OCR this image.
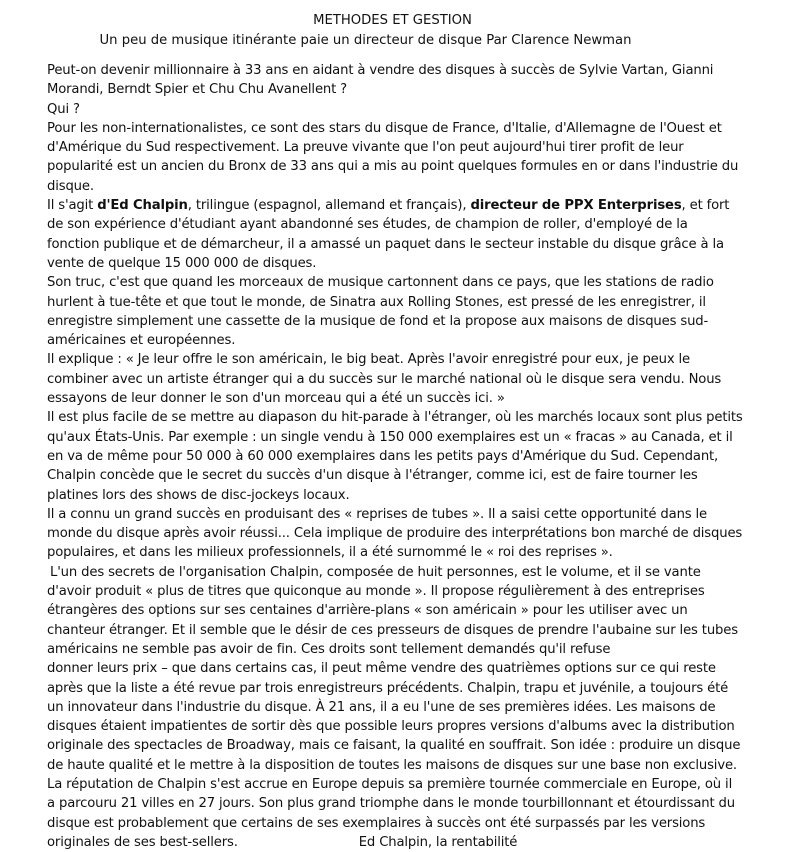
METHODES ET GESTION
Un peu de musique itinérante paie un directeur de disque Par Clarence Newman

Peut-on devenir millionnaire à 33 ans en aidant à vendre des disques à succès de Sylvie Vartan, Gianni Morandi, Berndt Spier et Chu Chu Avanellent ?

Qui ?

Pour les non-internationalistes, ce sont des stars du disque de France, d'Italie, d'Allemagne de l'Ouest et d'Amérique du Sud respectivement. La preuve vivante que l'on peut aujourd'hui tirer profit de leur popularité est un ancien du Bronx de 33 ans qui a mis au point quelques formules en or dans l'industrie du disque.

Il s'agit d'Ed Chalpin, trilingue (espagnol, allemand et français), directeur de PPX Enterprises, et fort de son expérience d'étudiant ayant abandonné ses études, de champion de roller, d'employé de la fonction publique et de démarcheur, il a amassé un paquet dans le secteur instable du disque grâce à la vente de quelque 15 000 000 de disques.

Son truc, c'est que quand les morceaux de musique cartonnent dans ce pays, que les stations de radio hurlent à tue-tête et que tout le monde, de Sinatra aux Rolling Stones, est pressé de les enregistrer, il enregistre simplement une cassette de la musique de fond et la propose aux maisons de disques sud-américaines et européennes.

Il explique : « Je leur offre le son américain, le big beat. Après l'avoir enregistré pour eux, je peux le combiner avec un artiste étranger qui a du succès sur le marché national où le disque sera vendu. Nous essayons de leur donner le son d'un morceau qui a été un succès ici. »

Il est plus facile de se mettre au diapason du hit-parade à l'étranger, où les marchés locaux sont plus petits qu'aux États-Unis. Par exemple : un single vendu à 150 000 exemplaires est un « fracas » au Canada, et il en va de même pour 50 000 à 60 000 exemplaires dans les petits pays d'Amérique du Sud. Cependant, Chalpin concède que le secret du succès d'un disque à l'étranger, comme ici, est de faire tourner les platines lors des shows de disc-jockeys locaux.

Il a connu un grand succès en produisant des « reprises de tubes ». Il a saisi cette opportunité dans le monde du disque après avoir réussi... Cela implique de produire des interprétations bon marché de disques populaires, et dans les milieux professionnels, il a été surnommé le « roi des reprises ».

L'un des secrets de l'organisation Chalpin, composée de huit personnes, est le volume, et il se vante d'avoir produit « plus de titres que quiconque au monde ». Il propose régulièrement à des entreprises étrangères des options sur ses centaines d'arrière-plans « son américain » pour les utiliser avec un chanteur étranger. Et il semble que le désir de ces presseurs de disques de prendre l'aubaine sur les tubes américains ne semble pas avoir de fin. Ces droits sont tellement demandés qu'il refuse

donner leurs prix – que dans certains cas, il peut même vendre des quatrièmes options sur ce qui reste après que la liste a été revue par trois enregistreurs précédents. Chalpin, trapu et juvénile, a toujours été un innovateur dans l'industrie du disque. À 21 ans, il a eu l'une de ses premières idées. Les maisons de disques étaient impatientes de sortir dès que possible leurs propres versions d'albums avec la distribution originale des spectacles de Broadway, mais ce faisant, la qualité en souffrait. Son idée : produire un disque de haute qualité et le mettre à la disposition de toutes les maisons de disques sur une base non exclusive. La réputation de Chalpin s'est accrue en Europe depuis sa première tournée commerciale en Europe, où il a parcouru 21 villes en 27 jours. Son plus grand triomphe dans le monde tourbillonnant et étourdissant du disque est probablement que certains de ses exemplaires à succès ont été surpassés par les versions originales de ses best-sellers.	Ed Chalpin, la rentabilité
